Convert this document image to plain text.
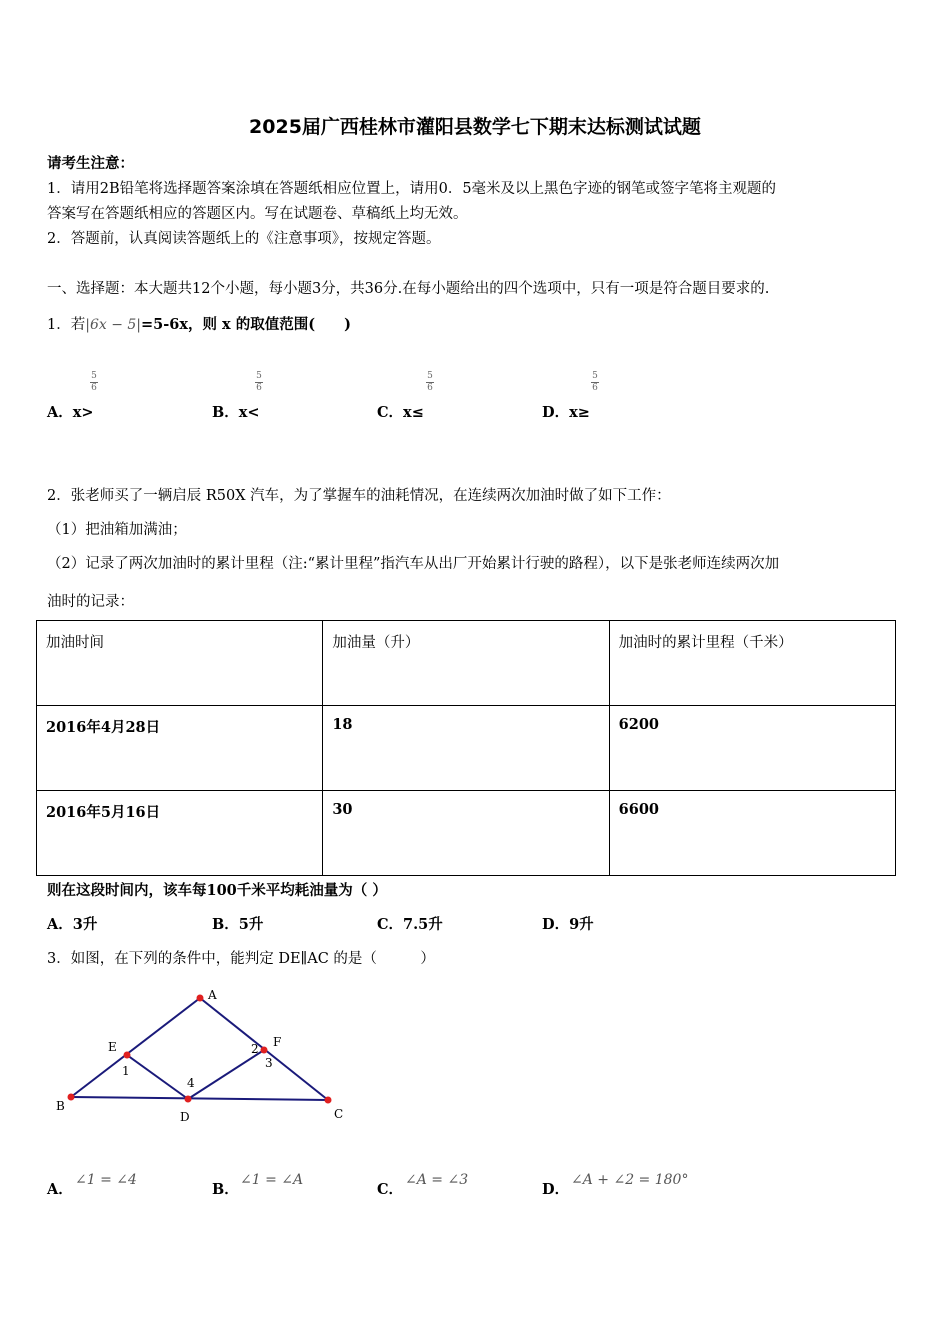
2025届广西桂林市灌阳县数学七下期末达标测试试题
请考生注意：
1．请用2B铅笔将选择题答案涂填在答题纸相应位置上，请用0．5毫米及以上黑色字迹的钢笔或签字笔将主观题的
答案写在答题纸相应的答题区内。写在试题卷、草稿纸上均无效。
2．答题前，认真阅读答题纸上的《注意事项》，按规定答题。
一、选择题：本大题共12个小题，每小题3分，共36分.在每小题给出的四个选项中，只有一项是符合题目要求的.
1．若|6x − 5|=5-6x，则 x 的取值范围(　　)
A．x>
5
6
B．x<
5
6
C．x≤
5
6
D．x≥
5
6
2．张老师买了一辆启辰 R50X 汽车，为了掌握车的油耗情况，在连续两次加油时做了如下工作：
（1）把油箱加满油；
（2）记录了两次加油时的累计里程（注:“累计里程”指汽车从出厂开始累计行驶的路程），以下是张老师连续两次加
油时的记录：
加油时间	加油量（升）	加油时的累计里程（千米）
2016年4月28日	18	6200
2016年5月16日	30	6600
则在这段时间内，该车每100千米平均耗油量为（ ）
A．3升	B．5升	C．7.5升	D．9升
3．如图，在下列的条件中，能判定 DE∥AC 的是（　　　）
A
B
C
D
E	F
1
2
3
4
A．
∠1 = ∠4
B．
∠1 = ∠A
C．
∠A = ∠3
D．
∠A + ∠2 = 180°
